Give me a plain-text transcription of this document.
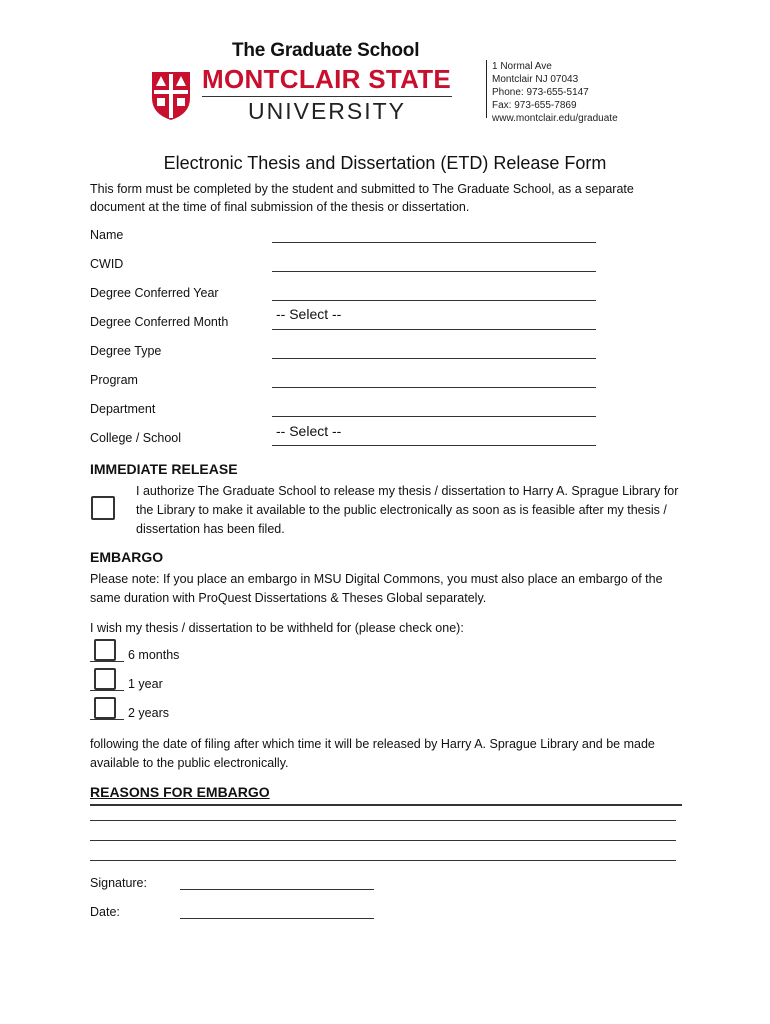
The Graduate School
MONTCLAIR STATE
UNIVERSITY
1 Normal Ave
Montclair NJ 07043
Phone: 973-655-5147
Fax: 973-655-7869
www.montclair.edu/graduate
Electronic Thesis and Dissertation (ETD) Release Form
This form must be completed by the student and submitted to The Graduate School, as a separate document at the time of final submission of the thesis or dissertation.
Name
CWID
Degree Conferred Year
Degree Conferred Month	-- Select --
Degree Type
Program
Department
College / School	-- Select --
IMMEDIATE RELEASE
I authorize The Graduate School to release my thesis / dissertation to Harry A. Sprague Library for the Library to make it available to the public electronically as soon as is feasible after my thesis / dissertation has been filed.
EMBARGO
Please note: If you place an embargo in MSU Digital Commons, you must also place an embargo of the same duration with ProQuest Dissertations & Theses Global separately.
I wish my thesis / dissertation to be withheld for (please check one):
6 months
1 year
2 years
following the date of filing after which time it will be released by Harry A. Sprague Library and be made available to the public electronically.
REASONS FOR EMBARGO
Signature:
Date:
